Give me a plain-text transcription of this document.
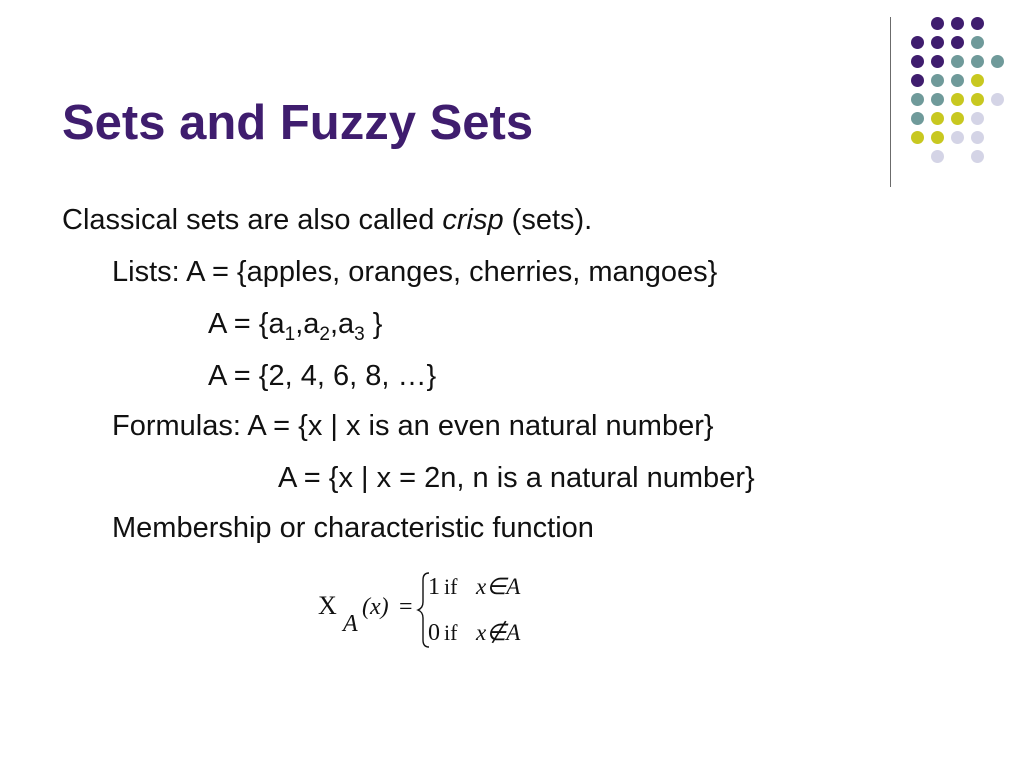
Sets and Fuzzy Sets
Classical sets are also called crisp (sets).
Lists: A = {apples, oranges, cherries, mangoes}
$A = \{a_1,a_2,a_3$ }
A = {2, 4, 6, 8, …}
Formulas: A = {x | x is an even natural number}
A = {x | x = 2n, n is a natural number}
Membership or characteristic function
X
A
(x) =
1 if x∈A
0 if x∉A
